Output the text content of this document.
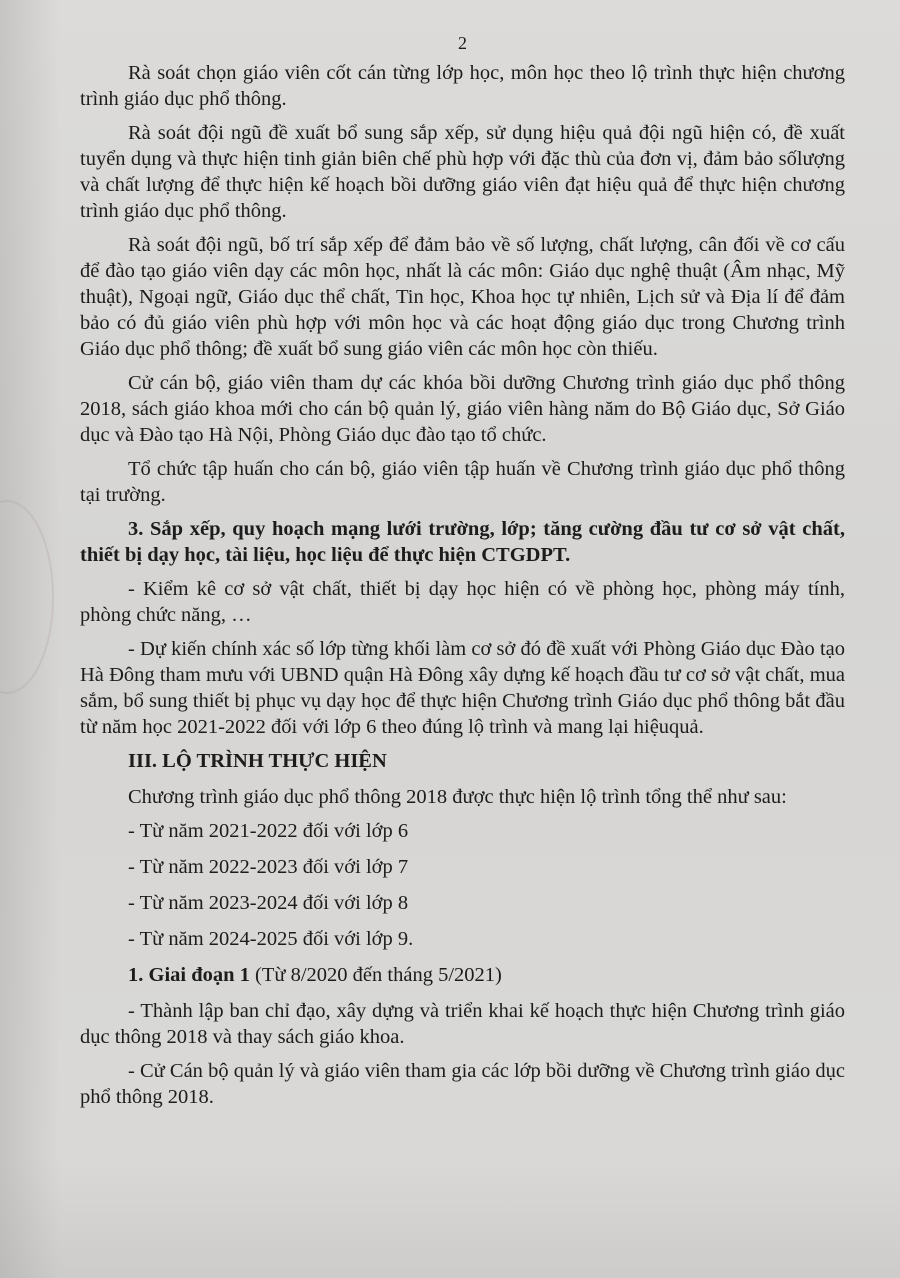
2

Rà soát chọn giáo viên cốt cán từng lớp học, môn học theo lộ trình thực hiện chương trình giáo dục phổ thông.

Rà soát đội ngũ đề xuất bổ sung sắp xếp, sử dụng hiệu quả đội ngũ hiện có, đề xuất tuyển dụng và thực hiện tinh giản biên chế phù hợp với đặc thù của đơn vị, đảm bảo sốlượng và chất lượng để thực hiện kế hoạch bồi dưỡng giáo viên đạt hiệu quả để thực hiện chương trình giáo dục phổ thông.

Rà soát đội ngũ, bố trí sắp xếp để đảm bảo về số lượng, chất lượng, cân đối về cơ cấu để đào tạo giáo viên dạy các môn học, nhất là các môn: Giáo dục nghệ thuật (Âm nhạc, Mỹ thuật), Ngoại ngữ, Giáo dục thể chất, Tin học, Khoa học tự nhiên, Lịch sử và Địa lí để đảm bảo có đủ giáo viên phù hợp với môn học và các hoạt động giáo dục trong Chương trình Giáo dục phổ thông; đề xuất bổ sung giáo viên các môn học còn thiếu.

Cử cán bộ, giáo viên tham dự các khóa bồi dưỡng Chương trình giáo dục phổ thông 2018, sách giáo khoa mới cho cán bộ quản lý, giáo viên hàng năm do Bộ Giáo dục, Sở Giáo dục và Đào tạo Hà Nội, Phòng Giáo dục đào tạo tổ chức.

Tổ chức tập huấn cho cán bộ, giáo viên tập huấn về Chương trình giáo dục phổ thông tại trường.

3. Sắp xếp, quy hoạch mạng lưới trường, lớp; tăng cường đầu tư cơ sở vật chất, thiết bị dạy học, tài liệu, học liệu để thực hiện CTGDPT.

- Kiểm kê cơ sở vật chất, thiết bị dạy học hiện có về phòng học, phòng máy tính, phòng chức năng, …

- Dự kiến chính xác số lớp từng khối làm cơ sở đó đề xuất với Phòng Giáo dục Đào tạo Hà Đông tham mưu với UBND quận Hà Đông xây dựng kế hoạch đầu tư cơ sở vật chất, mua sắm, bổ sung thiết bị phục vụ dạy học để thực hiện Chương trình Giáo dục phổ thông bắt đầu từ năm học 2021-2022 đối với lớp 6 theo đúng lộ trình và mang lại hiệuquả.

III. LỘ TRÌNH THỰC HIỆN

Chương trình giáo dục phổ thông 2018 được thực hiện lộ trình tổng thể như sau:

- Từ năm 2021-2022 đối với lớp 6
- Từ năm 2022-2023 đối với lớp 7
- Từ năm 2023-2024 đối với lớp 8
- Từ năm 2024-2025 đối với lớp 9.
1. Giai đoạn 1 (Từ 8/2020 đến tháng 5/2021)

- Thành lập ban chỉ đạo, xây dựng và triển khai kế hoạch thực hiện Chương trình giáo dục thông 2018 và thay sách giáo khoa.

- Cử Cán bộ quản lý và giáo viên tham gia các lớp bồi dưỡng về Chương trình giáo dục phổ thông 2018.
